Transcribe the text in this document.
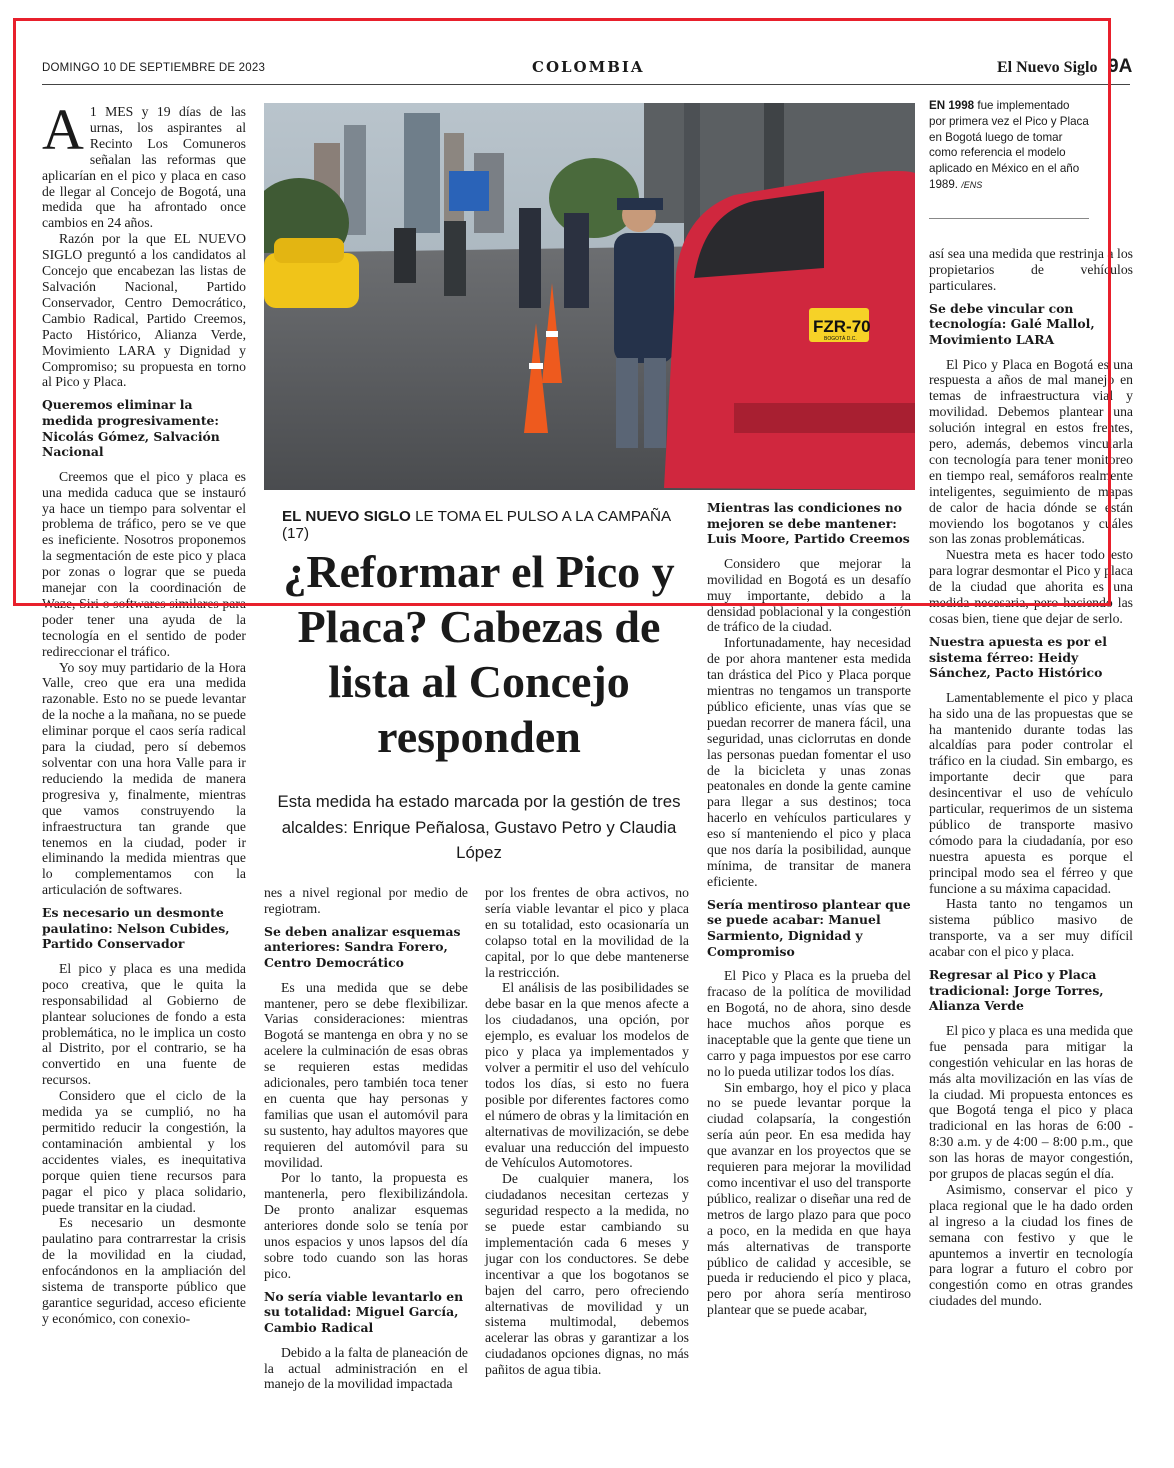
DOMINGO 10 DE SEPTIEMBRE DE 2023	COLOMBIA	El Nuevo Siglo 9A

A 1 MES y 19 días de las urnas, los aspirantes al Recinto Los Comuneros señalan las reformas que aplicarían en el pico y placa en caso de llegar al Concejo de Bogotá, una medida que ha afrontado once cambios en 24 años.

Razón por la que EL NUEVO SIGLO preguntó a los candidatos al Concejo que encabezan las listas de Salvación Nacional, Partido Conservador, Centro Democrático, Cambio Radical, Partido Creemos, Pacto Histórico, Alianza Verde, Movimiento LARA y Dignidad y Compromiso; su propuesta en torno al Pico y Placa.

Queremos eliminar la medida progresivamente: Nicolás Gómez, Salvación Nacional

Creemos que el pico y placa es una medida caduca que se instauró ya hace un tiempo para solventar el problema de tráfico, pero se ve que es ineficiente. Nosotros proponemos la segmentación de este pico y placa por zonas o lograr que se pueda manejar con la coordinación de Waze, Siri o softwares similares para poder tener una ayuda de la tecnología en el sentido de poder redireccionar el tráfico.

Yo soy muy partidario de la Hora Valle, creo que era una medida razonable. Esto no se puede levantar de la noche a la mañana, no se puede eliminar porque el caos sería radical para la ciudad, pero sí debemos solventar con una hora Valle para ir reduciendo la medida de manera progresiva y, finalmente, mientras que vamos construyendo la infraestructura tan grande que tenemos en la ciudad, poder ir eliminando la medida mientras que lo complementamos con la articulación de softwares.

Es necesario un desmonte paulatino: Nelson Cubides, Partido Conservador

El pico y placa es una medida poco creativa, que le quita la responsabilidad al Gobierno de plantear soluciones de fondo a esta problemática, no le implica un costo al Distrito, por el contrario, se ha convertido en una fuente de recursos.

Considero que el ciclo de la medida ya se cumplió, no ha permitido reducir la congestión, la contaminación ambiental y los accidentes viales, es inequitativa porque quien tiene recursos para pagar el pico y placa solidario, puede transitar en la ciudad.

Es necesario un desmonte paulatino para contrarrestar la crisis de la movilidad en la ciudad, enfocándonos en la ampliación del sistema de transporte público que garantice seguridad, acceso eficiente y económico, con conexio-

FZR-70
BOGOTÁ D.C.
EN 1998 fue implementado por primera vez el Pico y Placa en Bogotá luego de tomar como referencia el modelo aplicado en México en el año 1989. /ENS
EL NUEVO SIGLO LE TOMA EL PULSO A LA CAMPAÑA (17)
¿Reformar el Pico y Placa? Cabezas de lista al Concejo responden
Esta medida ha estado marcada por la gestión de tres alcaldes: Enrique Peñalosa, Gustavo Petro y Claudia López

nes a nivel regional por medio de regiotram.

Se deben analizar esquemas anteriores: Sandra Forero, Centro Democrático

Es una medida que se debe mantener, pero se debe flexibilizar. Varias consideraciones: mientras Bogotá se mantenga en obra y no se acelere la culminación de esas obras se requieren estas medidas adicionales, pero también toca tener en cuenta que hay personas y familias que usan el automóvil para su sustento, hay adultos mayores que requieren del automóvil para su movilidad.

Por lo tanto, la propuesta es mantenerla, pero flexibilizándola. De pronto analizar esquemas anteriores donde solo se tenía por unos espacios y unos lapsos del día sobre todo cuando son las horas pico.

No sería viable levantarlo en su totalidad: Miguel García, Cambio Radical

Debido a la falta de planeación de la actual administración en el manejo de la movilidad impactada

por los frentes de obra activos, no sería viable levantar el pico y placa en su totalidad, esto ocasionaría un colapso total en la movilidad de la capital, por lo que debe mantenerse la restricción.

El análisis de las posibilidades se debe basar en la que menos afecte a los ciudadanos, una opción, por ejemplo, es evaluar los modelos de pico y placa ya implementados y volver a permitir el uso del vehículo todos los días, si esto no fuera posible por diferentes factores como el número de obras y la limitación en alternativas de movilización, se debe evaluar una reducción del impuesto de Vehículos Automotores.

De cualquier manera, los ciudadanos necesitan certezas y seguridad respecto a la medida, no se puede estar cambiando su implementación cada 6 meses y jugar con los conductores. Se debe incentivar a que los bogotanos se bajen del carro, pero ofreciendo alternativas de movilidad y un sistema multimodal, debemos acelerar las obras y garantizar a los ciudadanos opciones dignas, no más pañitos de agua tibia.

Mientras las condiciones no mejoren se debe mantener: Luis Moore, Partido Creemos

Considero que mejorar la movilidad en Bogotá es un desafío muy importante, debido a la densidad poblacional y la congestión de tráfico de la ciudad.

Infortunadamente, hay necesidad de por ahora mantener esta medida tan drástica del Pico y Placa porque mientras no tengamos un transporte público eficiente, unas vías que se puedan recorrer de manera fácil, una seguridad, unas ciclorrutas en donde las personas puedan fomentar el uso de la bicicleta y unas zonas peatonales en donde la gente camine para llegar a sus destinos; toca hacerlo en vehículos particulares y eso sí manteniendo el pico y placa que nos daría la posibilidad, aunque mínima, de transitar de manera eficiente.

Sería mentiroso plantear que se puede acabar: Manuel Sarmiento, Dignidad y Compromiso

El Pico y Placa es la prueba del fracaso de la política de movilidad en Bogotá, no de ahora, sino desde hace muchos años porque es inaceptable que la gente que tiene un carro y paga impuestos por ese carro no lo pueda utilizar todos los días.

Sin embargo, hoy el pico y placa no se puede levantar porque la ciudad colapsaría, la congestión sería aún peor. En esa medida hay que avanzar en los proyectos que se requieren para mejorar la movilidad como incentivar el uso del transporte público, realizar o diseñar una red de metros de largo plazo para que poco a poco, en la medida en que haya más alternativas de transporte público de calidad y accesible, se pueda ir reduciendo el pico y placa, pero por ahora sería mentiroso plantear que se puede acabar,

así sea una medida que restrinja a los propietarios de vehículos particulares.

Se debe vincular con tecnología: Galé Mallol, Movimiento LARA

El Pico y Placa en Bogotá es una respuesta a años de mal manejo en temas de infraestructura vial y movilidad. Debemos plantear una solución integral en estos frentes, pero, además, debemos vincularla con tecnología para tener monitoreo en tiempo real, semáforos realmente inteligentes, seguimiento de mapas de calor de hacia dónde se están moviendo los bogotanos y cuáles son las zonas problemáticas.

Nuestra meta es hacer todo esto para lograr desmontar el Pico y placa de la ciudad que ahorita es una medida necesaria, pero haciendo las cosas bien, tiene que dejar de serlo.

Nuestra apuesta es por el sistema férreo: Heidy Sánchez, Pacto Histórico

Lamentablemente el pico y placa ha sido una de las propuestas que se ha mantenido durante todas las alcaldías para poder controlar el tráfico en la ciudad. Sin embargo, es importante decir que para desincentivar el uso de vehículo particular, requerimos de un sistema público de transporte masivo cómodo para la ciudadanía, por eso nuestra apuesta es porque el principal modo sea el férreo y que funcione a su máxima capacidad.

Hasta tanto no tengamos un sistema público masivo de transporte, va a ser muy difícil acabar con el pico y placa.

Regresar al Pico y Placa tradicional: Jorge Torres, Alianza Verde

El pico y placa es una medida que fue pensada para mitigar la congestión vehicular en las horas de más alta movilización en las vías de la ciudad. Mi propuesta entonces es que Bogotá tenga el pico y placa tradicional en las horas de 6:00 - 8:30 a.m. y de 4:00 – 8:00 p.m., que son las horas de mayor congestión, por grupos de placas según el día.

Asimismo, conservar el pico y placa regional que le ha dado orden al ingreso a la ciudad los fines de semana con festivo y que le apuntemos a invertir en tecnología para lograr a futuro el cobro por congestión como en otras grandes ciudades del mundo.
